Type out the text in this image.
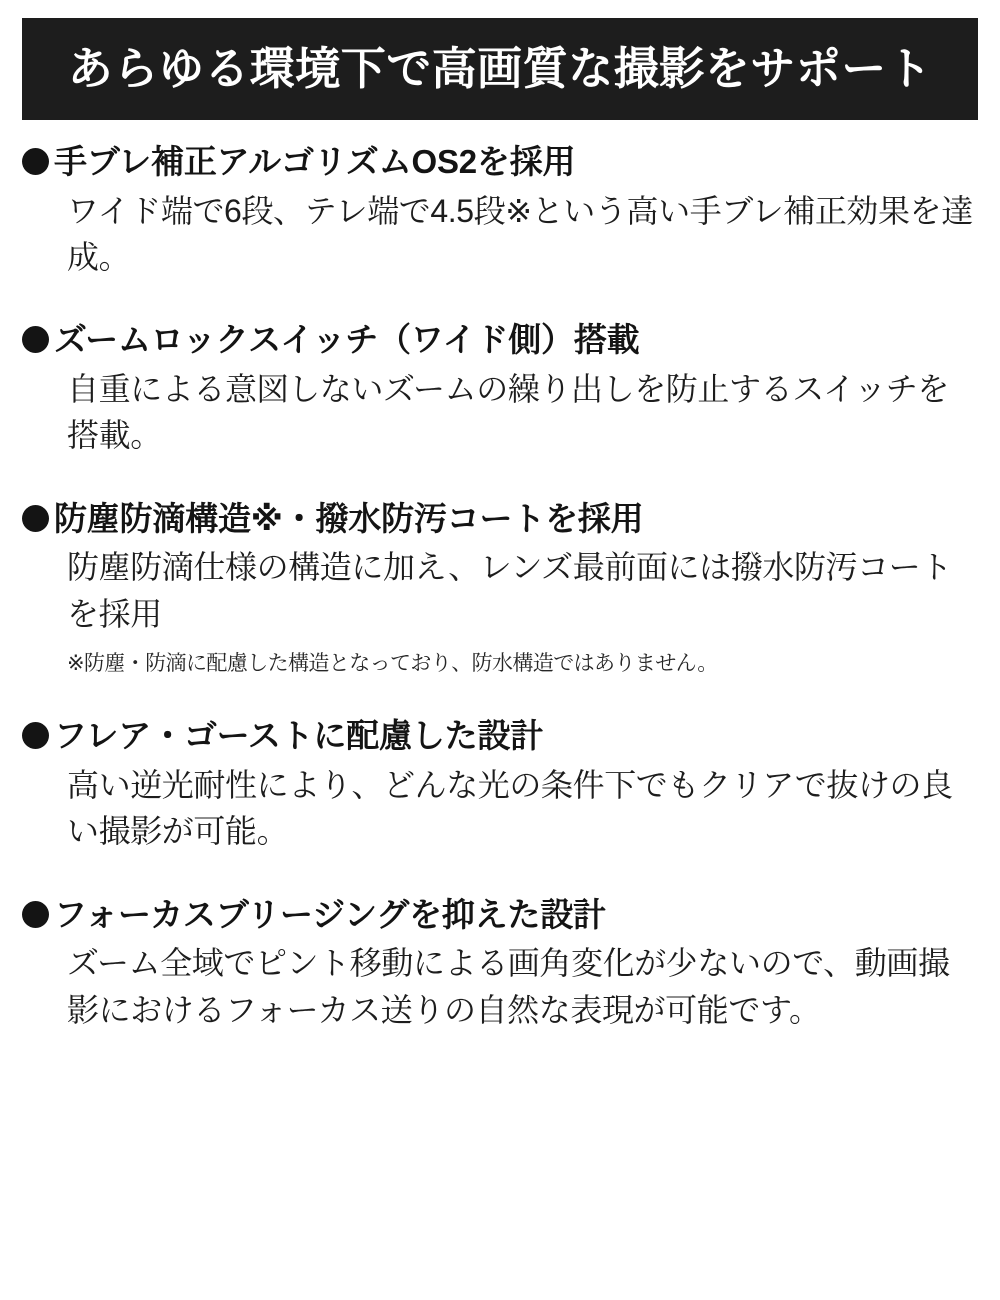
あらゆる環境下で高画質な撮影をサポート
手ブレ補正アルゴリズムOS2を採用
ワイド端で6段、テレ端で4.5段※という高い手ブレ補正効果を達成。
ズームロックスイッチ（ワイド側）搭載
自重による意図しないズームの繰り出しを防止するスイッチを搭載。
防塵防滴構造※・撥水防汚コートを採用
防塵防滴仕様の構造に加え、レンズ最前面には撥水防汚コートを採用
※防塵・防滴に配慮した構造となっており、防水構造ではありません。
フレア・ゴーストに配慮した設計
高い逆光耐性により、どんな光の条件下でもクリアで抜けの良い撮影が可能。
フォーカスブリージングを抑えた設計
ズーム全域でピント移動による画角変化が少ないので、動画撮影におけるフォーカス送りの自然な表現が可能です。
